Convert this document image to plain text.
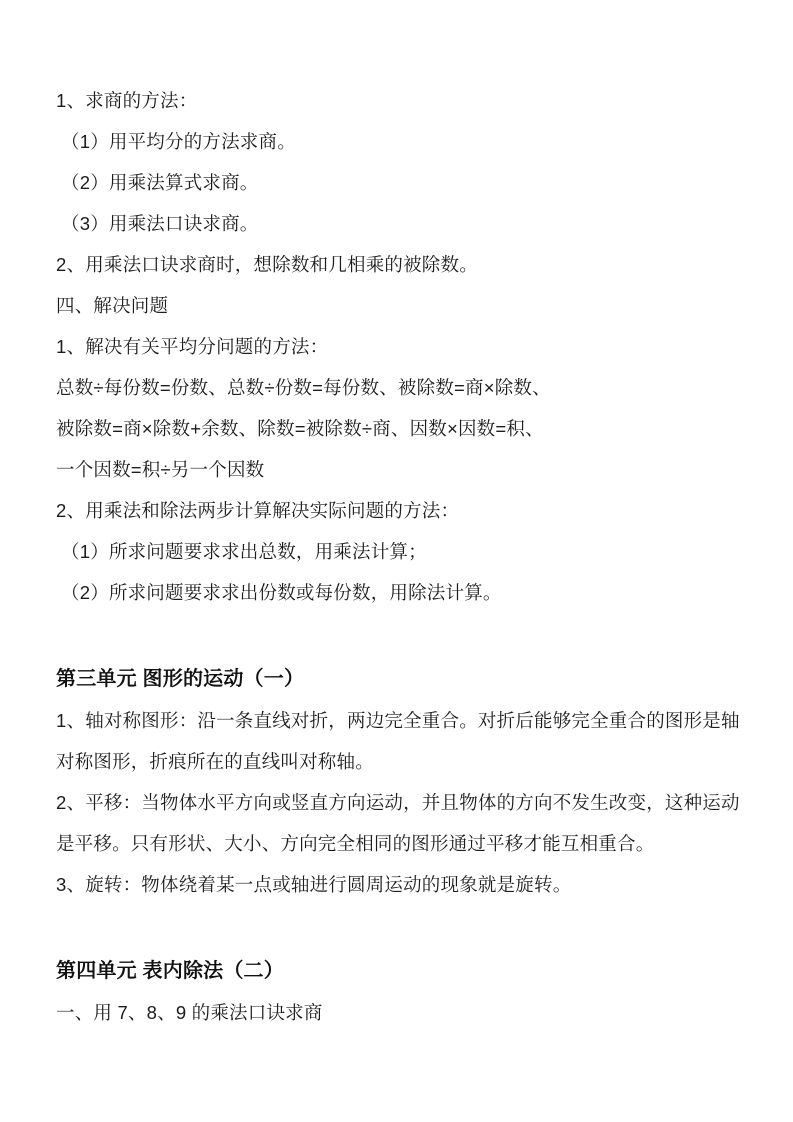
1、求商的方法：
（1）用平均分的方法求商。
（2）用乘法算式求商。
（3）用乘法口诀求商。
2、用乘法口诀求商时，想除数和几相乘的被除数。
四、解决问题
1、解决有关平均分问题的方法：
总数÷每份数=份数、总数÷份数=每份数、被除数=商×除数、
被除数=商×除数+余数、除数=被除数÷商、因数×因数=积、
一个因数=积÷另一个因数
2、用乘法和除法两步计算解决实际问题的方法：
（1）所求问题要求求出总数，用乘法计算；
（2）所求问题要求求出份数或每份数，用除法计算。
第三单元 图形的运动（一）
1、轴对称图形：沿一条直线对折，两边完全重合。对折后能够完全重合的图形是轴
对称图形，折痕所在的直线叫对称轴。
2、平移：当物体水平方向或竖直方向运动，并且物体的方向不发生改变，这种运动
是平移。只有形状、大小、方向完全相同的图形通过平移才能互相重合。
3、旋转：物体绕着某一点或轴进行圆周运动的现象就是旋转。
第四单元 表内除法（二）
一、用 7、8、9 的乘法口诀求商
